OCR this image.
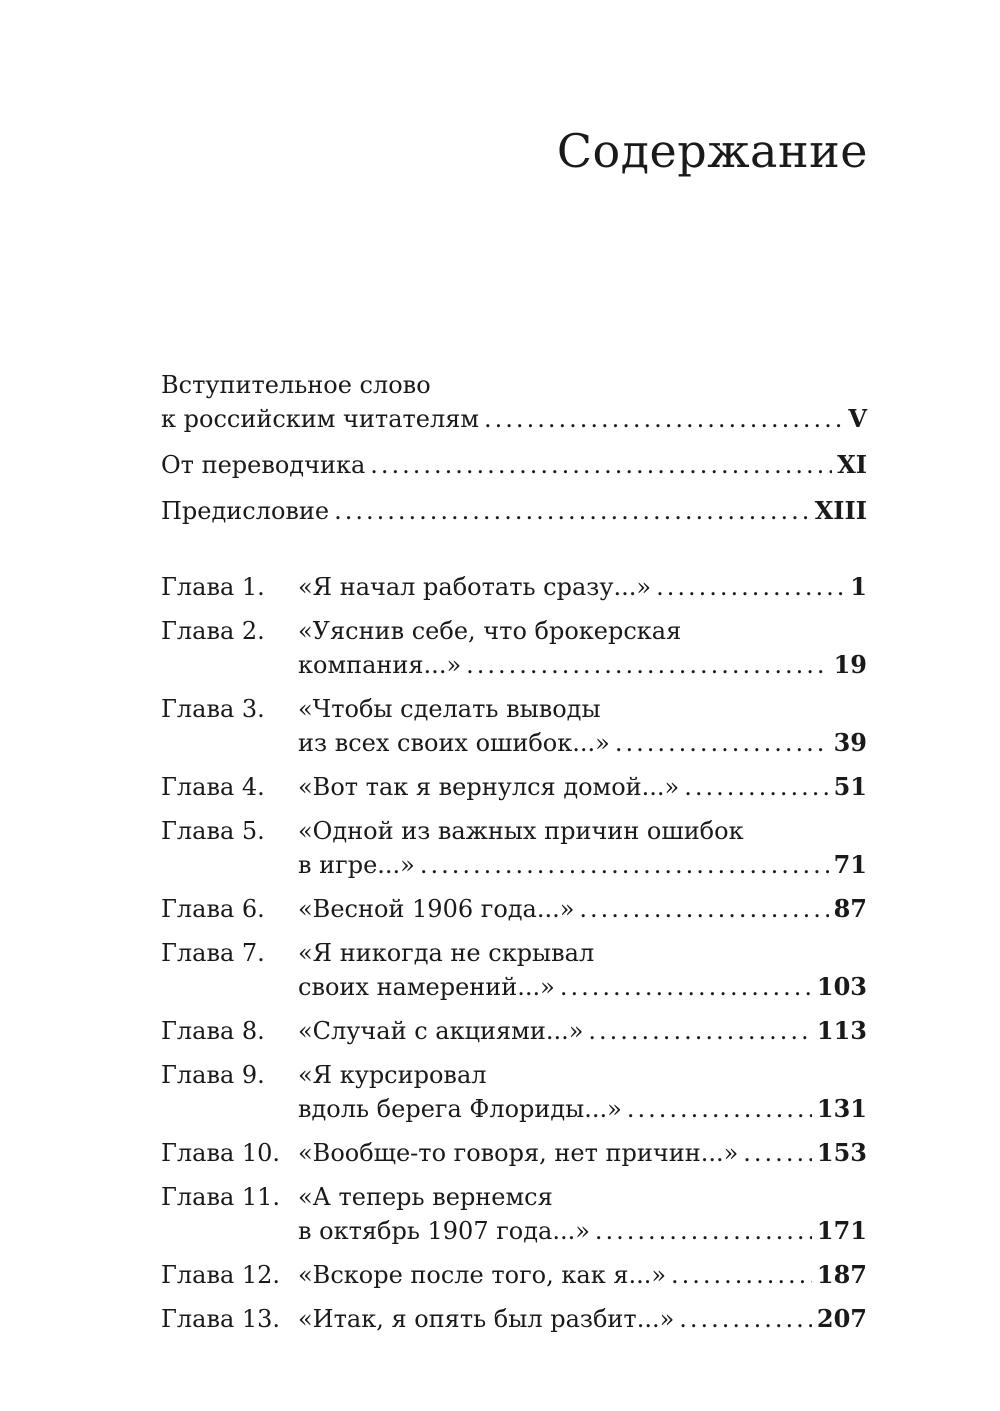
Содержание
Вступительное слово
к российским читателям .....	V
От переводчика .....	XI
Предисловие .....	XIII
Глава 1.	«Я начал работать сразу...» .....	1
Глава 2.	«Уяснив себе, что брокерская
компания...» .....	19
Глава 3.	«Чтобы сделать выводы
из всех своих ошибок...» .....	39
Глава 4.	«Вот так я вернулся домой...» .....	51
Глава 5.	«Одной из важных причин ошибок
в игре...» .....	71
Глава 6.	«Весной 1906 года...» .....	87
Глава 7.	«Я никогда не скрывал
своих намерений...» .....	103
Глава 8.	«Случай с акциями...» .....	113
Глава 9.	«Я курсировал
вдоль берега Флориды...» .....	131
Глава 10. «Вообще-то говоря, нет причин...» .....	153
Глава 11. «А теперь вернемся
в октябрь 1907 года...» .....	171
Глава 12. «Вскоре после того, как я...» .....	187
Глава 13. «Итак, я опять был разбит...» .....	207
